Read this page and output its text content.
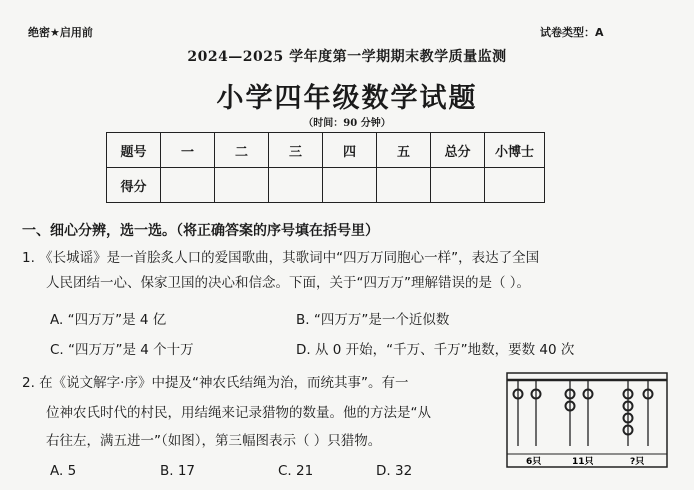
绝密★启用前	试卷类型：A
2024—2025 学年度第一学期期末教学质量监测
小学四年级数学试题
（时间：90 分钟）
题号	一	二	三	四	五	总分	小博士
得分							
一、细心分辨，选一选。（将正确答案的序号填在括号里）
1. 《长城谣》是一首脍炙人口的爱国歌曲，其歌词中“四万万同胞心一样”，表达了全国
人民团结一心、保家卫国的决心和信念。下面，关于“四万万”理解错误的是（ ）。
A. “四万万”是 4 亿	B. “四万万”是一个近似数
C. “四万万”是 4 个十万	D. 从 0 开始，“千万、千万”地数，要数 40 次
2. 在《说文解字·序》中提及“神农氏结绳为治，而统其事”。有一
位神农氏时代的村民，用结绳来记录猎物的数量。他的方法是“从
右往左，满五进一”（如图），第三幅图表示（ ）只猎物。
A. 5	B. 17	C. 21	D. 32
6只	11只	?只
